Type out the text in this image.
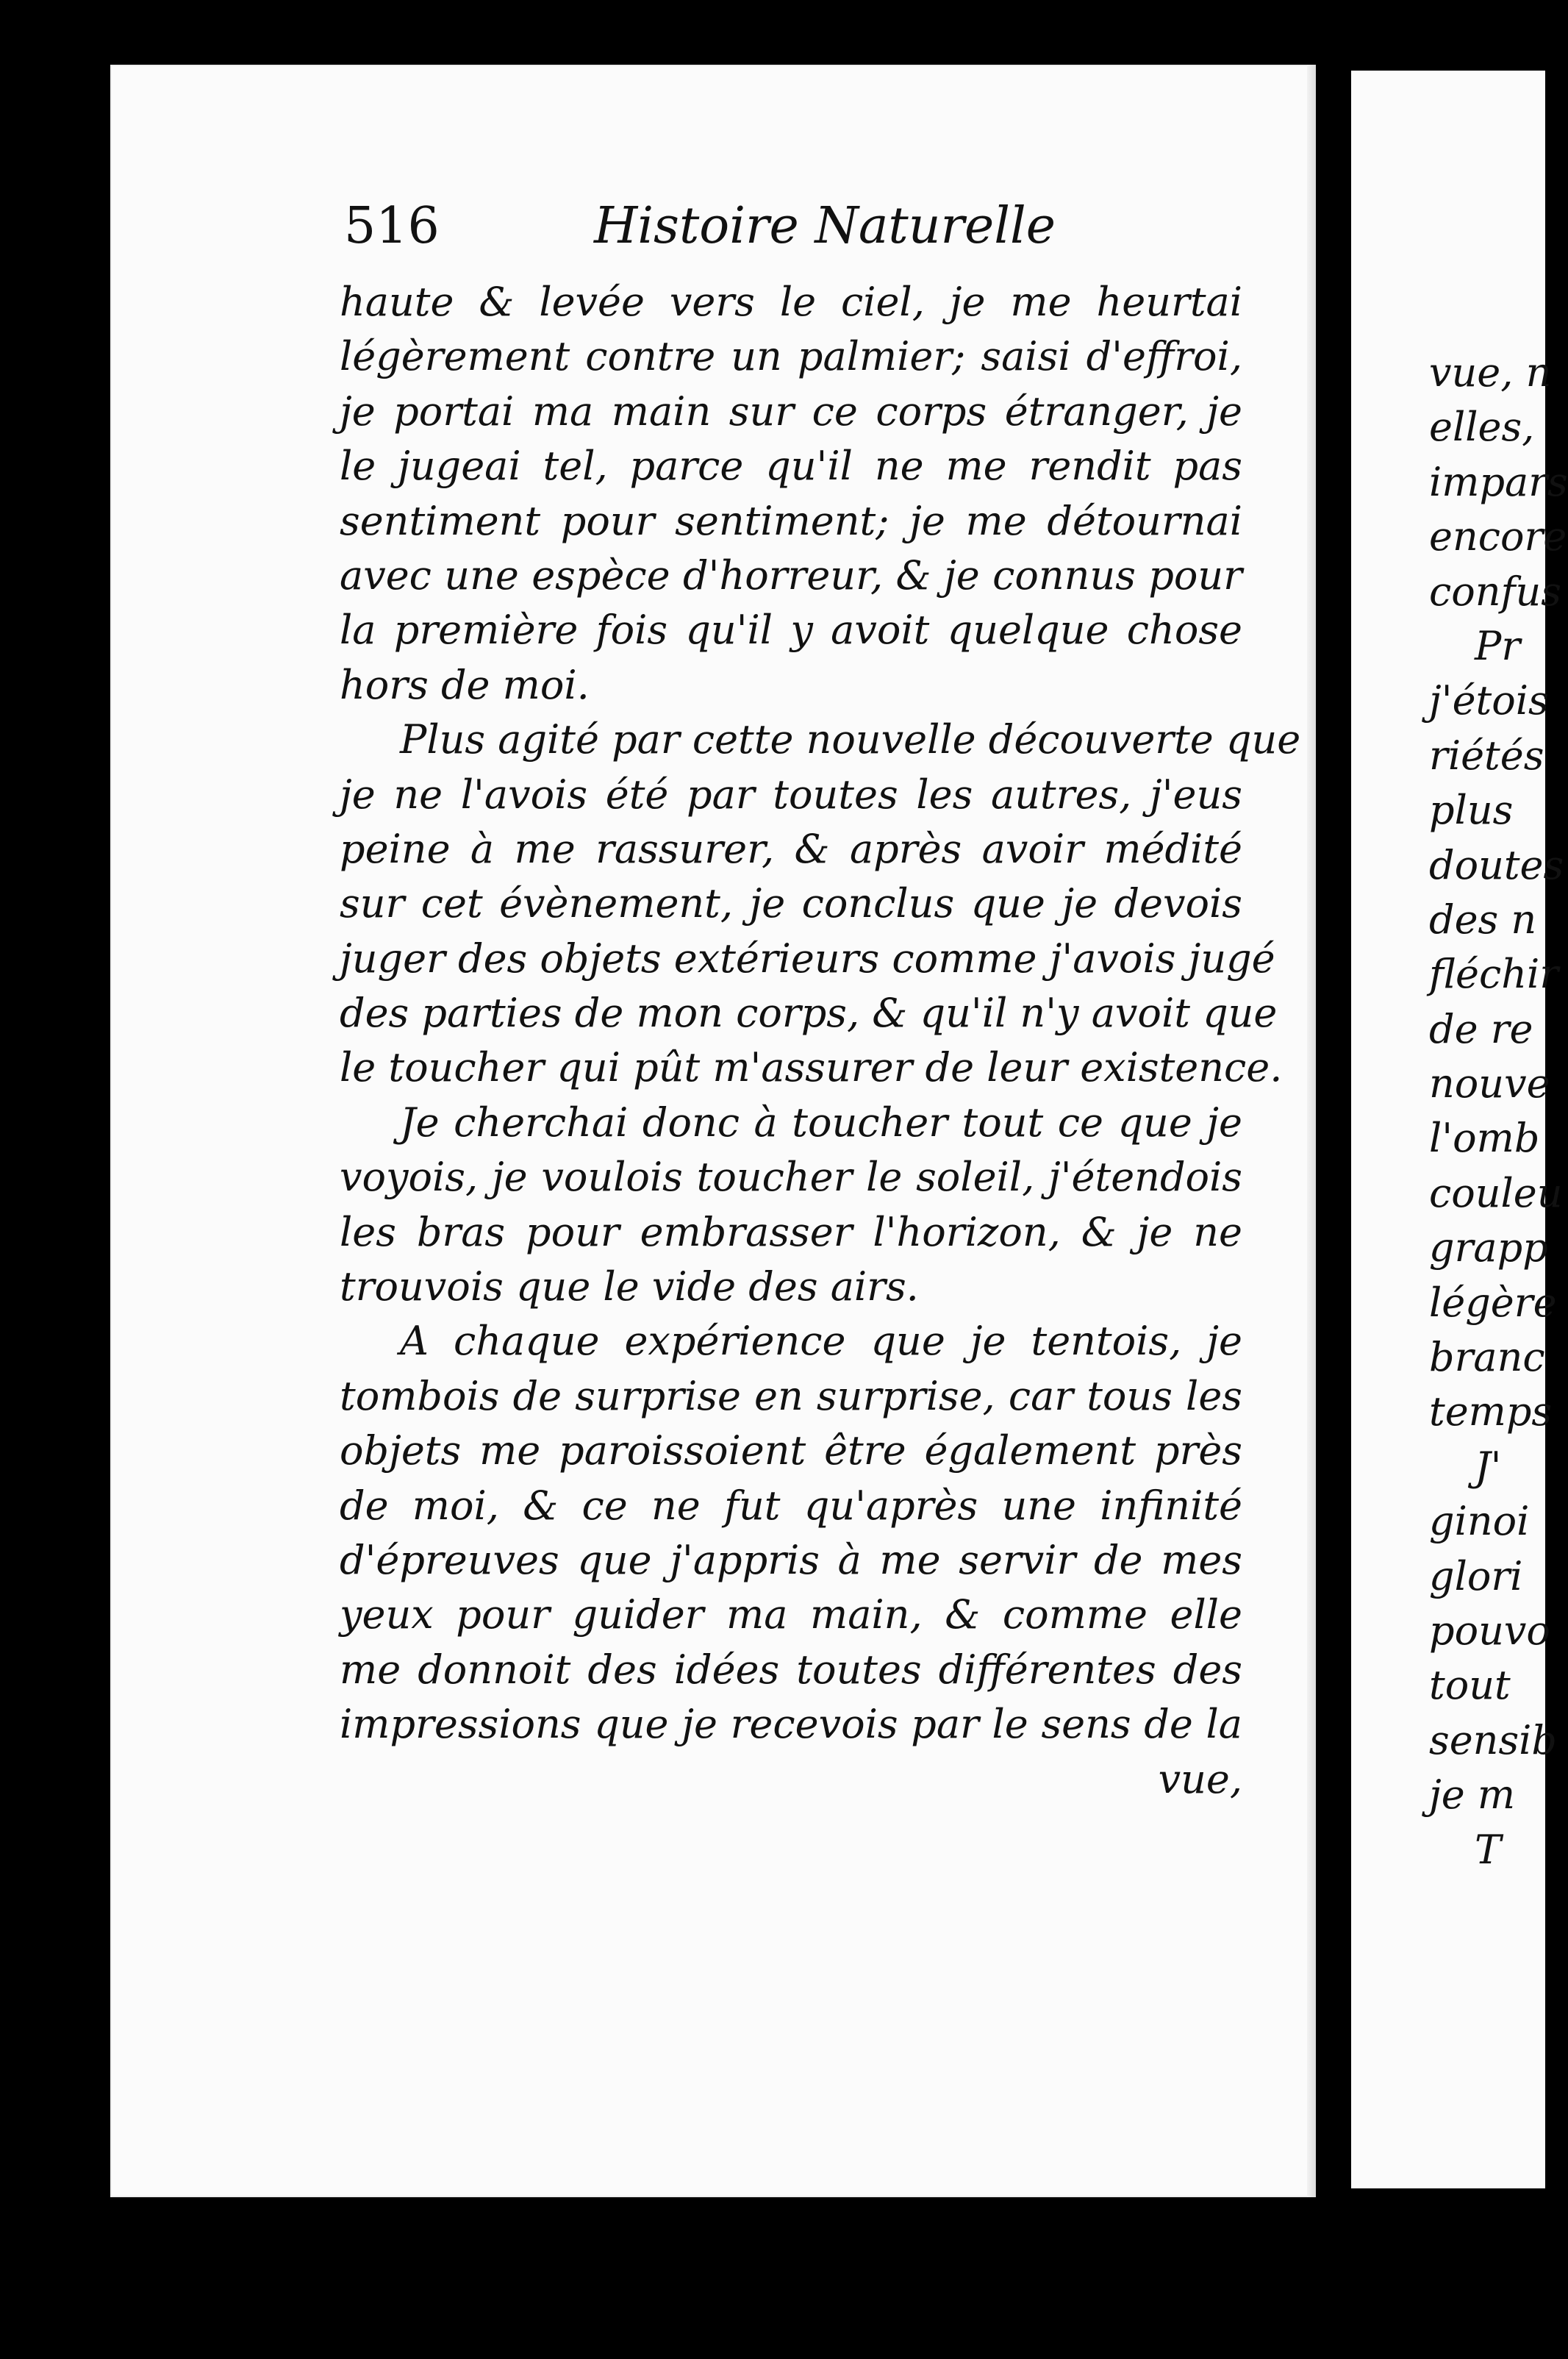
516	Histoire Naturelle
haute & levée vers le ciel, je me heurtai
légèrement contre un palmier; saisi d'effroi,
je portai ma main sur ce corps étranger, je
le jugeai tel, parce qu'il ne me rendit pas
sentiment pour sentiment; je me détournai
avec une espèce d'horreur, & je connus pour
la première fois qu'il y avoit quelque chose
hors de moi.
Plus agité par cette nouvelle découverte que
je ne l'avois été par toutes les autres, j'eus
peine à me rassurer, & après avoir médité
sur cet évènement, je conclus que je devois
juger des objets extérieurs comme j'avois jugé
des parties de mon corps, & qu'il n'y avoit que
le toucher qui pût m'assurer de leur existence.
Je cherchai donc à toucher tout ce que je
voyois, je voulois toucher le soleil, j'étendois
les bras pour embrasser l'horizon, & je ne
trouvois que le vide des airs.
A chaque expérience que je tentois, je
tombois de surprise en surprise, car tous les
objets me paroissoient être également près
de moi, & ce ne fut qu'après une infinité
d'épreuves que j'appris à me servir de mes
yeux pour guider ma main, & comme elle
me donnoit des idées toutes différentes des
impressions que je recevois par le sens de la
vue,
vue, n
elles,
impars
encore
confus
Pr
j'étois
riétés
plus
doutes
des n
fléchir
de re
nouve
l'omb
couleu
grapp
légère
branc
temps
J'
ginoi
glori
pouvo
tout
sensib
je m
T
